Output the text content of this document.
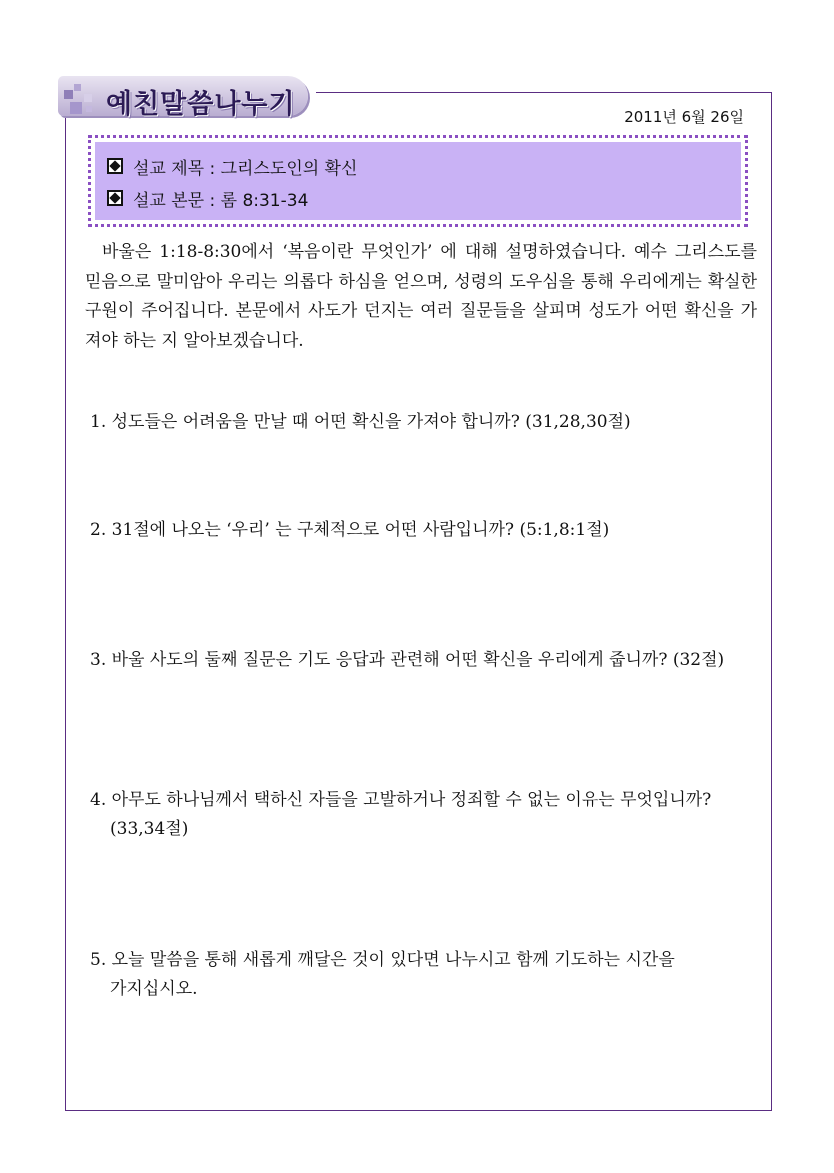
예친말씀나누기	2011년 6월 26일
설교 제목 : 그리스도인의 확신
설교 본문 : 롬 8:31-34
바울은 1:18-8:30에서 ‘복음이란 무엇인가’ 에 대해 설명하였습니다. 예수 그리스도를 믿음으로 말미암아 우리는 의롭다 하심을 얻으며, 성령의 도우심을 통해 우리에게는 확실한 구원이 주어집니다. 본문에서 사도가 던지는 여러 질문들을 살피며 성도가 어떤 확신을 가져야 하는 지 알아보겠습니다.
1. 성도들은 어려움을 만날 때 어떤 확신을 가져야 합니까? (31,28,30절)
2. 31절에 나오는 ‘우리’ 는 구체적으로 어떤 사람입니까? (5:1,8:1절)
3. 바울 사도의 둘째 질문은 기도 응답과 관련해 어떤 확신을 우리에게 줍니까? (32절)
4. 아무도 하나님께서 택하신 자들을 고발하거나 정죄할 수 없는 이유는 무엇입니까?
(33,34절)
5. 오늘 말씀을 통해 새롭게 깨달은 것이 있다면 나누시고 함께 기도하는 시간을
가지십시오.
